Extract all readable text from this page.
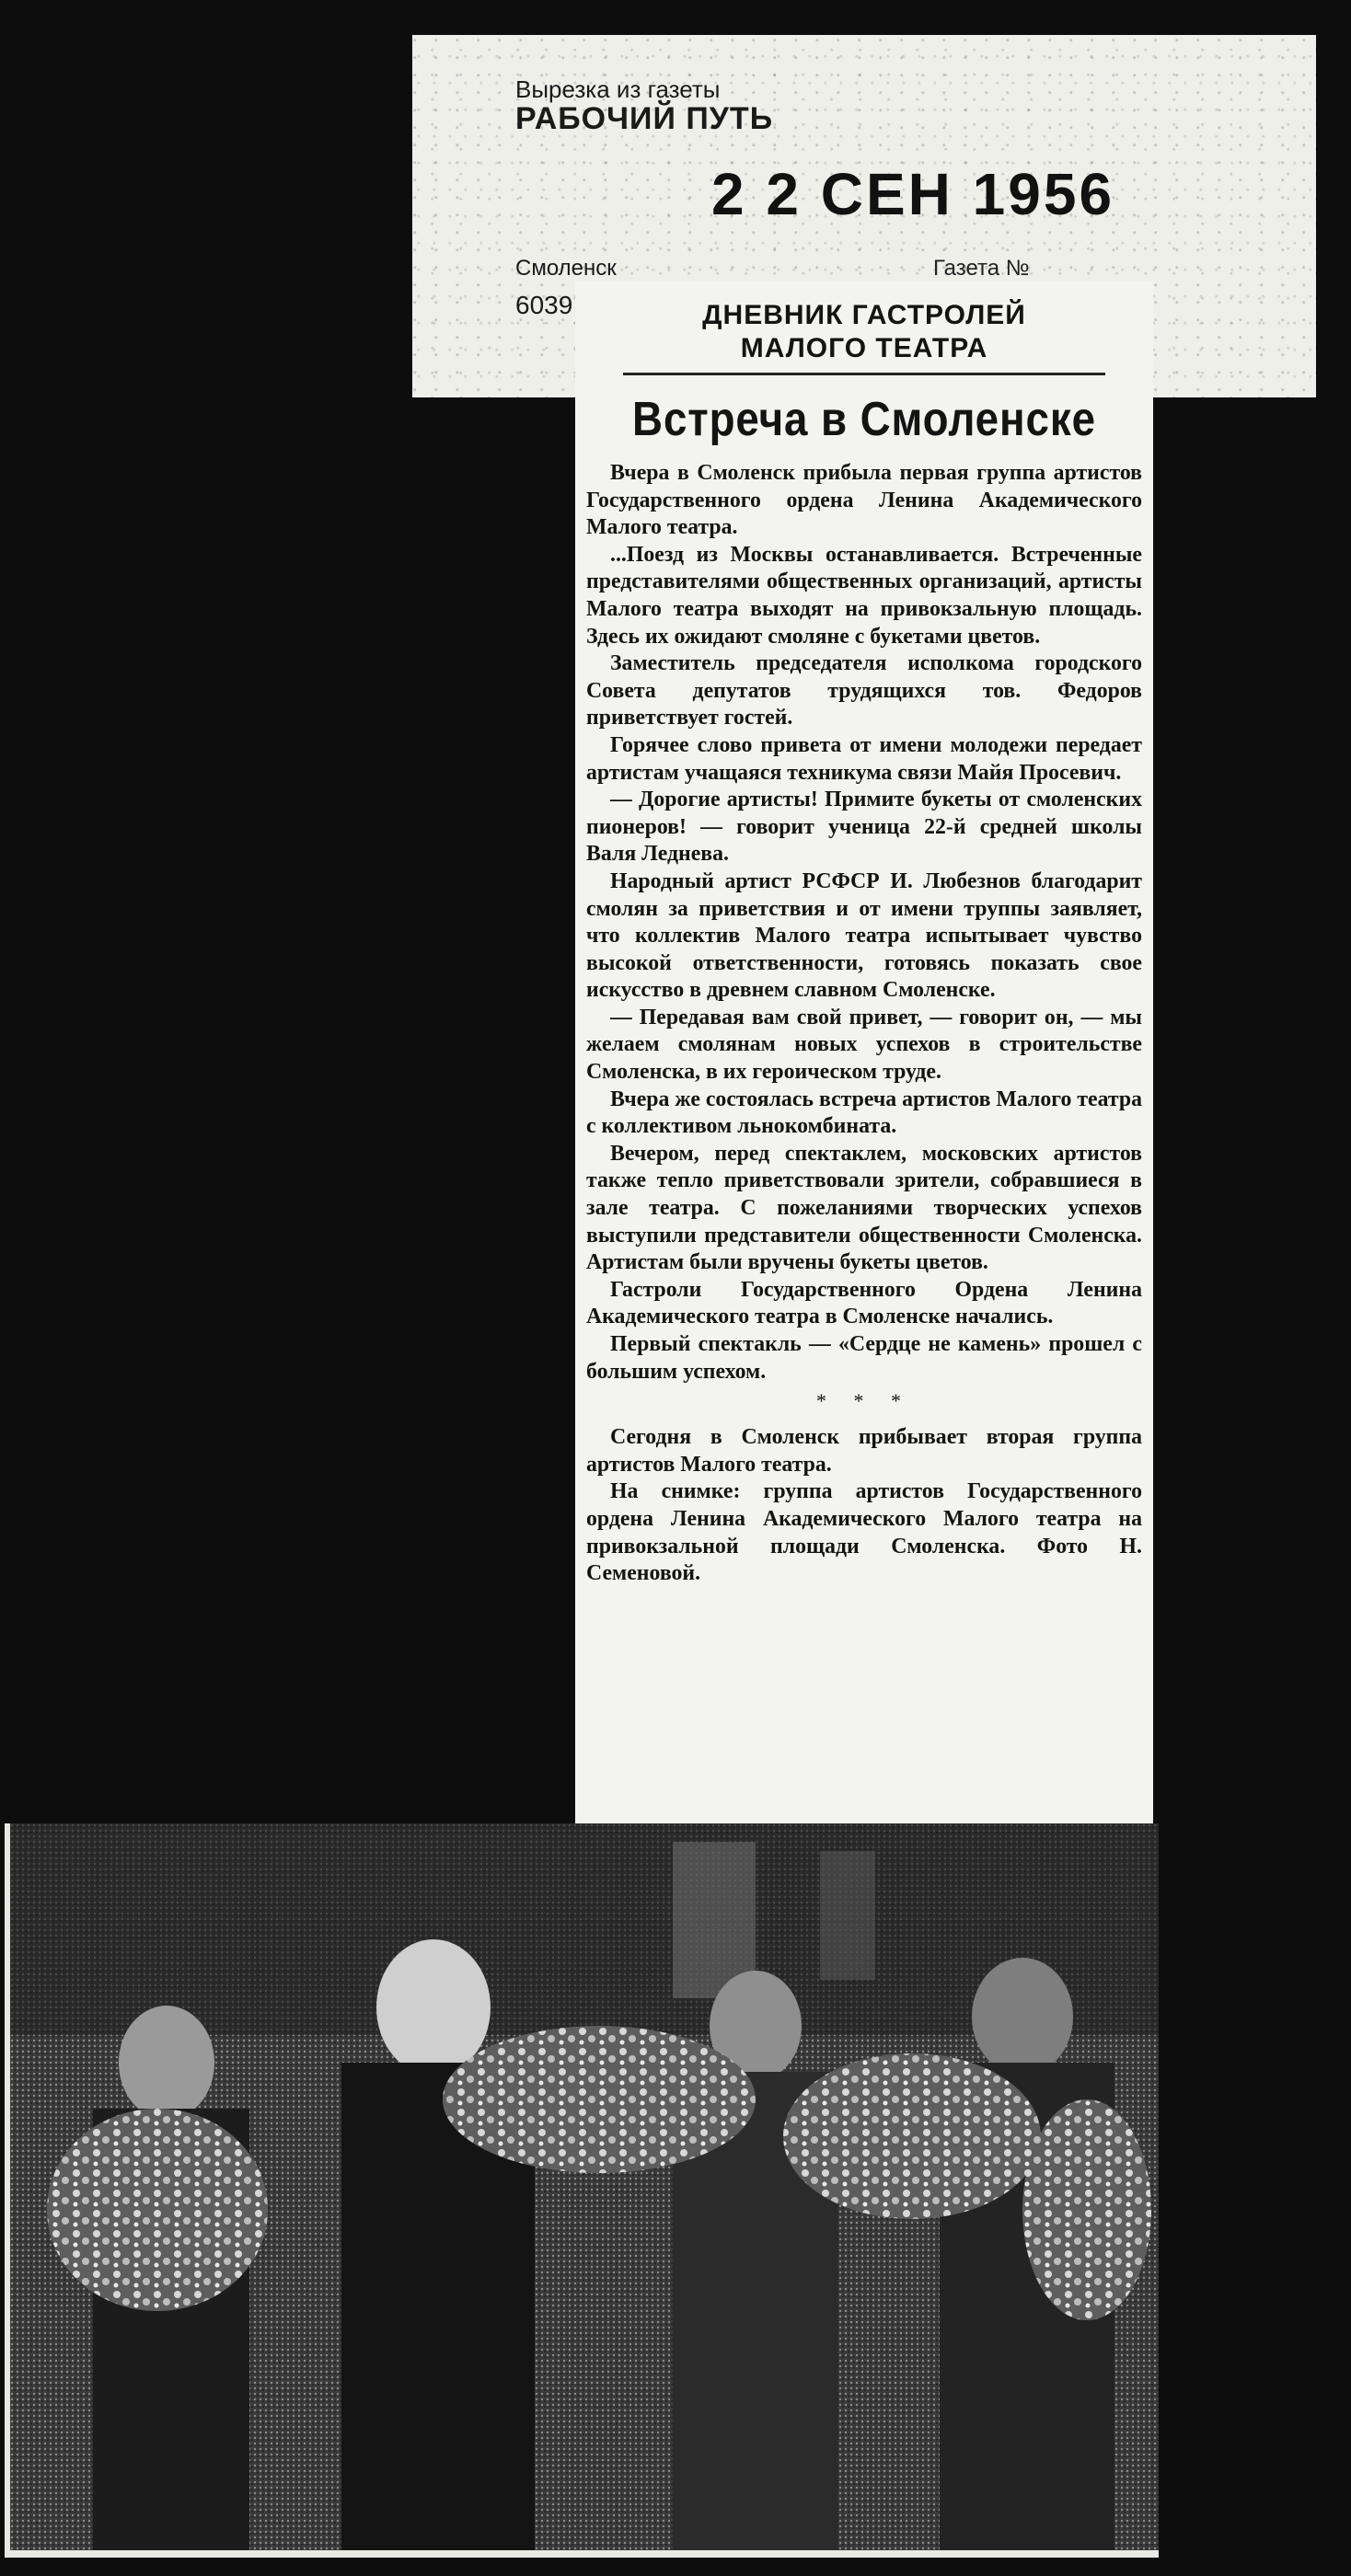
Вырезка из газеты
РАБОЧИЙ ПУТЬ
2 2 СЕН 1956
Смоленск
6039
Газета №
ДНЕВНИК ГАСТРОЛЕЙ
МАЛОГО ТЕАТРА
Встреча в Смоленске

Вчера в Смоленск прибыла первая группа артистов Государственного ордена Ленина Академического Малого театра.

...Поезд из Москвы останавливается. Встреченные представителями общественных организаций, артисты Малого театра выходят на привокзальную площадь. Здесь их ожидают смоляне с букетами цветов.

Заместитель председателя исполкома городского Совета депутатов трудящихся тов. Федоров приветствует гостей.

Горячее слово привета от имени молодежи передает артистам учащаяся техникума связи Майя Просевич.

— Дорогие артисты! Примите букеты от смоленских пионеров! — говорит ученица 22-й средней школы Валя Леднева.

Народный артист РСФСР И. Любезнов благодарит смолян за приветствия и от имени труппы заявляет, что коллектив Малого театра испытывает чувство высокой ответственности, готовясь показать свое искусство в древнем славном Смоленске.

— Передавая вам свой привет, — говорит он, — мы желаем смолянам новых успехов в строительстве Смоленска, в их героическом труде.

Вчера же состоялась встреча артистов Малого театра с коллективом льнокомбината.

Вечером, перед спектаклем, московских артистов также тепло приветствовали зрители, собравшиеся в зале театра. С пожеланиями творческих успехов выступили представители общественности Смоленска. Артистам были вручены букеты цветов.

Гастроли Государственного Ордена Ленина Академического театра в Смоленске начались.

Первый спектакль — «Сердце не камень» прошел с большим успехом.

* * *

Сегодня в Смоленск прибывает вторая группа артистов Малого театра.

На снимке: группа артистов Государственного ордена Ленина Академического Малого театра на привокзальной площади Смоленска. Фото Н. Семеновой.
